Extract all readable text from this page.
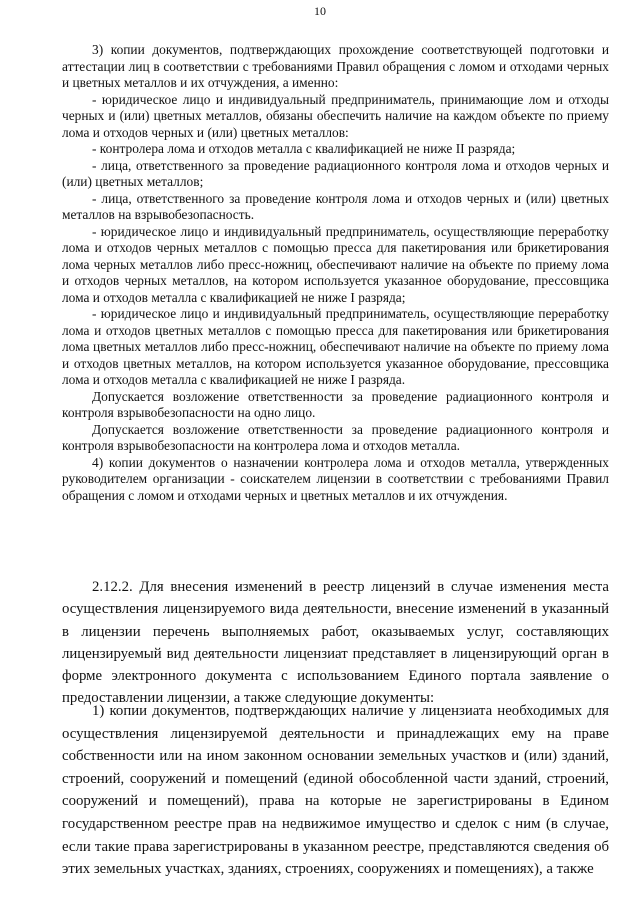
10

3) копии документов, подтверждающих прохождение соответствующей подготовки и аттестации лиц в соответствии с требованиями Правил обращения с ломом и отходами черных и цветных металлов и их отчуждения, а именно:

- юридическое лицо и индивидуальный предприниматель, принимающие лом и отходы черных и (или) цветных металлов, обязаны обеспечить наличие на каждом объекте по приему лома и отходов черных и (или) цветных металлов:

- контролера лома и отходов металла с квалификацией не ниже II разряда;

- лица, ответственного за проведение радиационного контроля лома и отходов черных и (или) цветных металлов;

- лица, ответственного за проведение контроля лома и отходов черных и (или) цветных металлов на взрывобезопасность.

- юридическое лицо и индивидуальный предприниматель, осуществляющие переработку лома и отходов черных металлов с помощью пресса для пакетирования или брикетирования лома черных металлов либо пресс-ножниц, обеспечивают наличие на объекте по приему лома и отходов черных металлов, на котором используется указанное оборудование, прессовщика лома и отходов металла с квалификацией не ниже I разряда;

- юридическое лицо и индивидуальный предприниматель, осуществляющие переработку лома и отходов цветных металлов с помощью пресса для пакетирования или брикетирования лома цветных металлов либо пресс-ножниц, обеспечивают наличие на объекте по приему лома и отходов цветных металлов, на котором используется указанное оборудование, прессовщика лома и отходов металла с квалификацией не ниже I разряда.

Допускается возложение ответственности за проведение радиационного контроля и контроля взрывобезопасности на одно лицо.

Допускается возложение ответственности за проведение радиационного контроля и контроля взрывобезопасности на контролера лома и отходов металла.

4) копии документов о назначении контролера лома и отходов металла, утвержденных руководителем организации - соискателем лицензии в соответствии с требованиями Правил обращения с ломом и отходами черных и цветных металлов и их отчуждения.

2.12.2. Для внесения изменений в реестр лицензий в случае изменения места осуществления лицензируемого вида деятельности, внесение изменений в указанный в лицензии перечень выполняемых работ, оказываемых услуг, составляющих лицензируемый вид деятельности лицензиат представляет в лицензирующий орган в форме электронного документа с использованием Единого портала заявление о предоставлении лицензии, а также следующие документы:

1) копии документов, подтверждающих наличие у лицензиата необходимых для осуществления лицензируемой деятельности и принадлежащих ему на праве собственности или на ином законном основании земельных участков и (или) зданий, строений, сооружений и помещений (единой обособленной части зданий, строений, сооружений и помещений), права на которые не зарегистрированы в Едином государственном реестре прав на недвижимое имущество и сделок с ним (в случае, если такие права зарегистрированы в указанном реестре, представляются сведения об этих земельных участках, зданиях, строениях, сооружениях и помещениях), а также
